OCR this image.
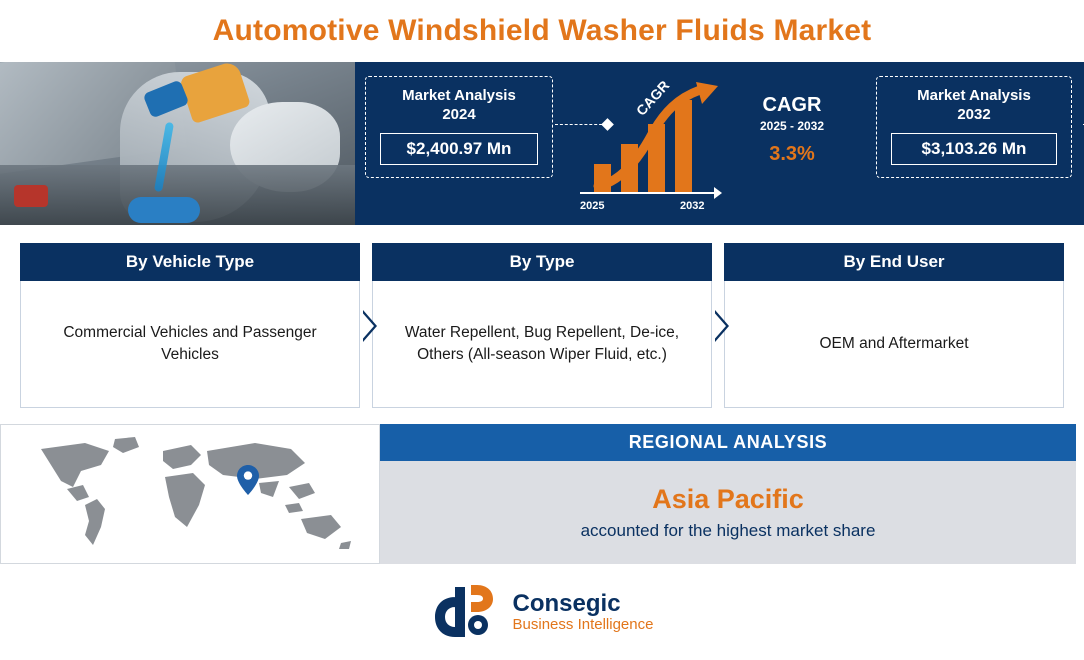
Automotive Windshield Washer Fluids Market
Market Analysis
2024
$2,400.97 Mn
2025	2032
CAGR	CAGR
2025 - 2032
3.3%
Market Analysis
2032
$3,103.26 Mn
By Vehicle Type
Commercial Vehicles and Passenger Vehicles
By Type
Water Repellent, Bug Repellent, De-ice, Others (All-season Wiper Fluid, etc.)
By End User
OEM and Aftermarket
REGIONAL ANALYSIS
Asia Pacific
accounted for the highest market share
Consegic
Business Intelligence
